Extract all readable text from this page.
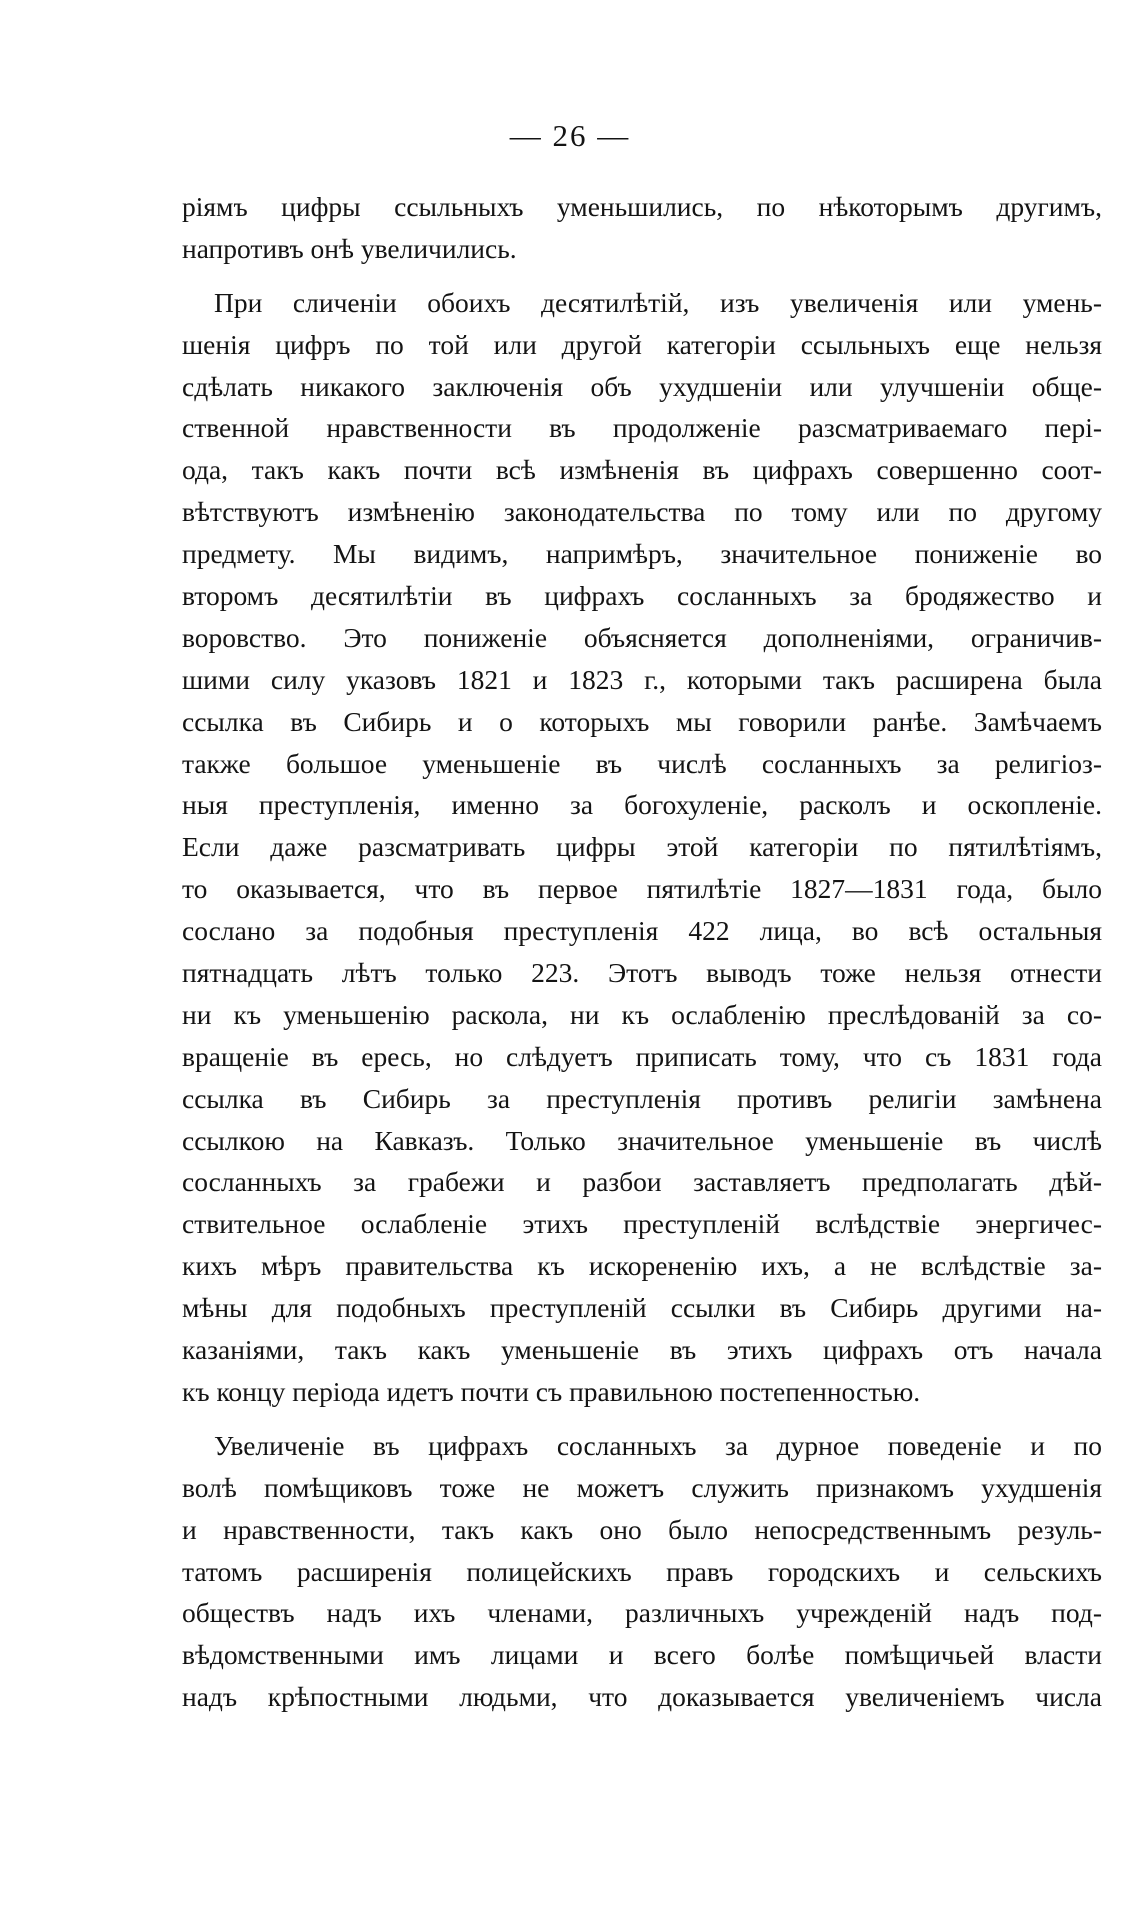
— 26 —
ріямъ цифры ссыльныхъ уменьшились, по нѣкоторымъ другимъ,
напротивъ онѣ увеличились.
При сличеніи обоихъ десятилѣтій, изъ увеличенія или умень-
шенія цифръ по той или другой категоріи ссыльныхъ еще нельзя
сдѣлать никакого заключенія объ ухудшеніи или улучшеніи обще-
ственной нравственности въ продолженіе разсматриваемаго пері-
ода, такъ какъ почти всѣ измѣненія въ цифрахъ совершенно соот-
вѣтствуютъ измѣненію законодательства по тому или по другому
предмету. Мы видимъ, напримѣръ, значительное пониженіе во
второмъ десятилѣтіи въ цифрахъ сосланныхъ за бродяжество и
воровство. Это пониженіе объясняется дополненіями, ограничив-
шими силу указовъ 1821 и 1823 г., которыми такъ расширена была
ссылка въ Сибирь и о которыхъ мы говорили ранѣе. Замѣчаемъ
также большое уменьшеніе въ числѣ сосланныхъ за религіоз-
ныя преступленія, именно за богохуленіе, расколъ и оскопленіе.
Если даже разсматривать цифры этой категоріи по пятилѣтіямъ,
то оказывается, что въ первое пятилѣтіе 1827—1831 года, было
сослано за подобныя преступленія 422 лица, во всѣ остальныя
пятнадцать лѣтъ только 223. Этотъ выводъ тоже нельзя отнести
ни къ уменьшенію раскола, ни къ ослабленію преслѣдованій за со-
вращеніе въ ересь, но слѣдуетъ приписать тому, что съ 1831 года
ссылка въ Сибирь за преступленія противъ религіи замѣнена
ссылкою на Кавказъ. Только значительное уменьшеніе въ числѣ
сосланныхъ за грабежи и разбои заставляетъ предполагать дѣй-
ствительное ослабленіе этихъ преступленій вслѣдствіе энергичес-
кихъ мѣръ правительства къ искорененію ихъ, а не вслѣдствіе за-
мѣны для подобныхъ преступленій ссылки въ Сибирь другими на-
казаніями, такъ какъ уменьшеніе въ этихъ цифрахъ отъ начала
къ концу періода идетъ почти съ правильною постепенностью.
Увеличеніе въ цифрахъ сосланныхъ за дурное поведеніе и по
волѣ помѣщиковъ тоже не можетъ служить признакомъ ухудшенія
и нравственности, такъ какъ оно было непосредственнымъ резуль-
татомъ расширенія полицейскихъ правъ городскихъ и сельскихъ
обществъ надъ ихъ членами, различныхъ учрежденій надъ под-
вѣдомственными имъ лицами и всего болѣе помѣщичьей власти
надъ крѣпостными людьми, что доказывается увеличеніемъ числа
